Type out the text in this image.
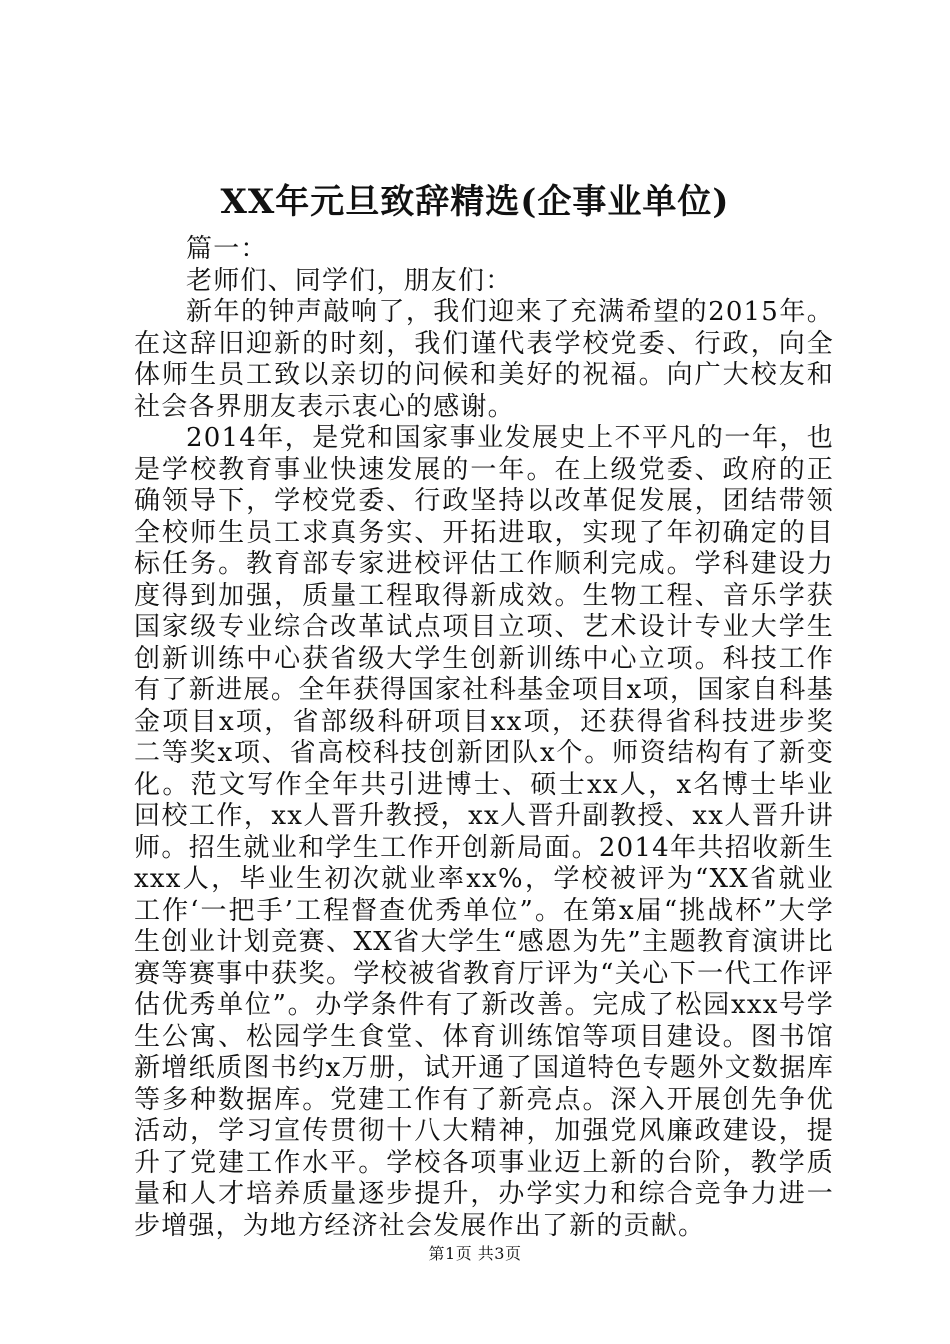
XX年元旦致辞精选(企事业单位)

篇一：

老师们、同学们，朋友们：

新年的钟声敲响了，我们迎来了充满希望的2015年。在这辞旧迎新的时刻，我们谨代表学校党委、行政，向全体师生员工致以亲切的问候和美好的祝福。向广大校友和社会各界朋友表示衷心的感谢。

2014年，是党和国家事业发展史上不平凡的一年，也是学校教育事业快速发展的一年。在上级党委、政府的正确领导下，学校党委、行政坚持以改革促发展，团结带领全校师生员工求真务实、开拓进取，实现了年初确定的目标任务。教育部专家进校评估工作顺利完成。学科建设力度得到加强，质量工程取得新成效。生物工程、音乐学获国家级专业综合改革试点项目立项、艺术设计专业大学生创新训练中心获省级大学生创新训练中心立项。科技工作有了新进展。全年获得国家社科基金项目x项，国家自科基金项目x项，省部级科研项目xx项，还获得省科技进步奖二等奖x项、省高校科技创新团队x个。师资结构有了新变化。范文写作全年共引进博士、硕士xx人，x名博士毕业回校工作，xx人晋升教授，xx人晋升副教授、xx人晋升讲师。招生就业和学生工作开创新局面。2014年共招收新生xxx人，毕业生初次就业率xx%，学校被评为“XX省就业工作‘一把手’工程督查优秀单位”。在第x届“挑战杯”大学生创业计划竞赛、XX省大学生“感恩为先”主题教育演讲比赛等赛事中获奖。学校被省教育厅评为“关心下一代工作评估优秀单位”。办学条件有了新改善。完成了松园xxx号学生公寓、松园学生食堂、体育训练馆等项目建设。图书馆新增纸质图书约x万册，试开通了国道特色专题外文数据库等多种数据库。党建工作有了新亮点。深入开展创先争优活动，学习宣传贯彻十八大精神，加强党风廉政建设，提升了党建工作水平。学校各项事业迈上新的台阶，教学质量和人才培养质量逐步提升，办学实力和综合竞争力进一步增强，为地方经济社会发展作出了新的贡献。

第1页 共3页
